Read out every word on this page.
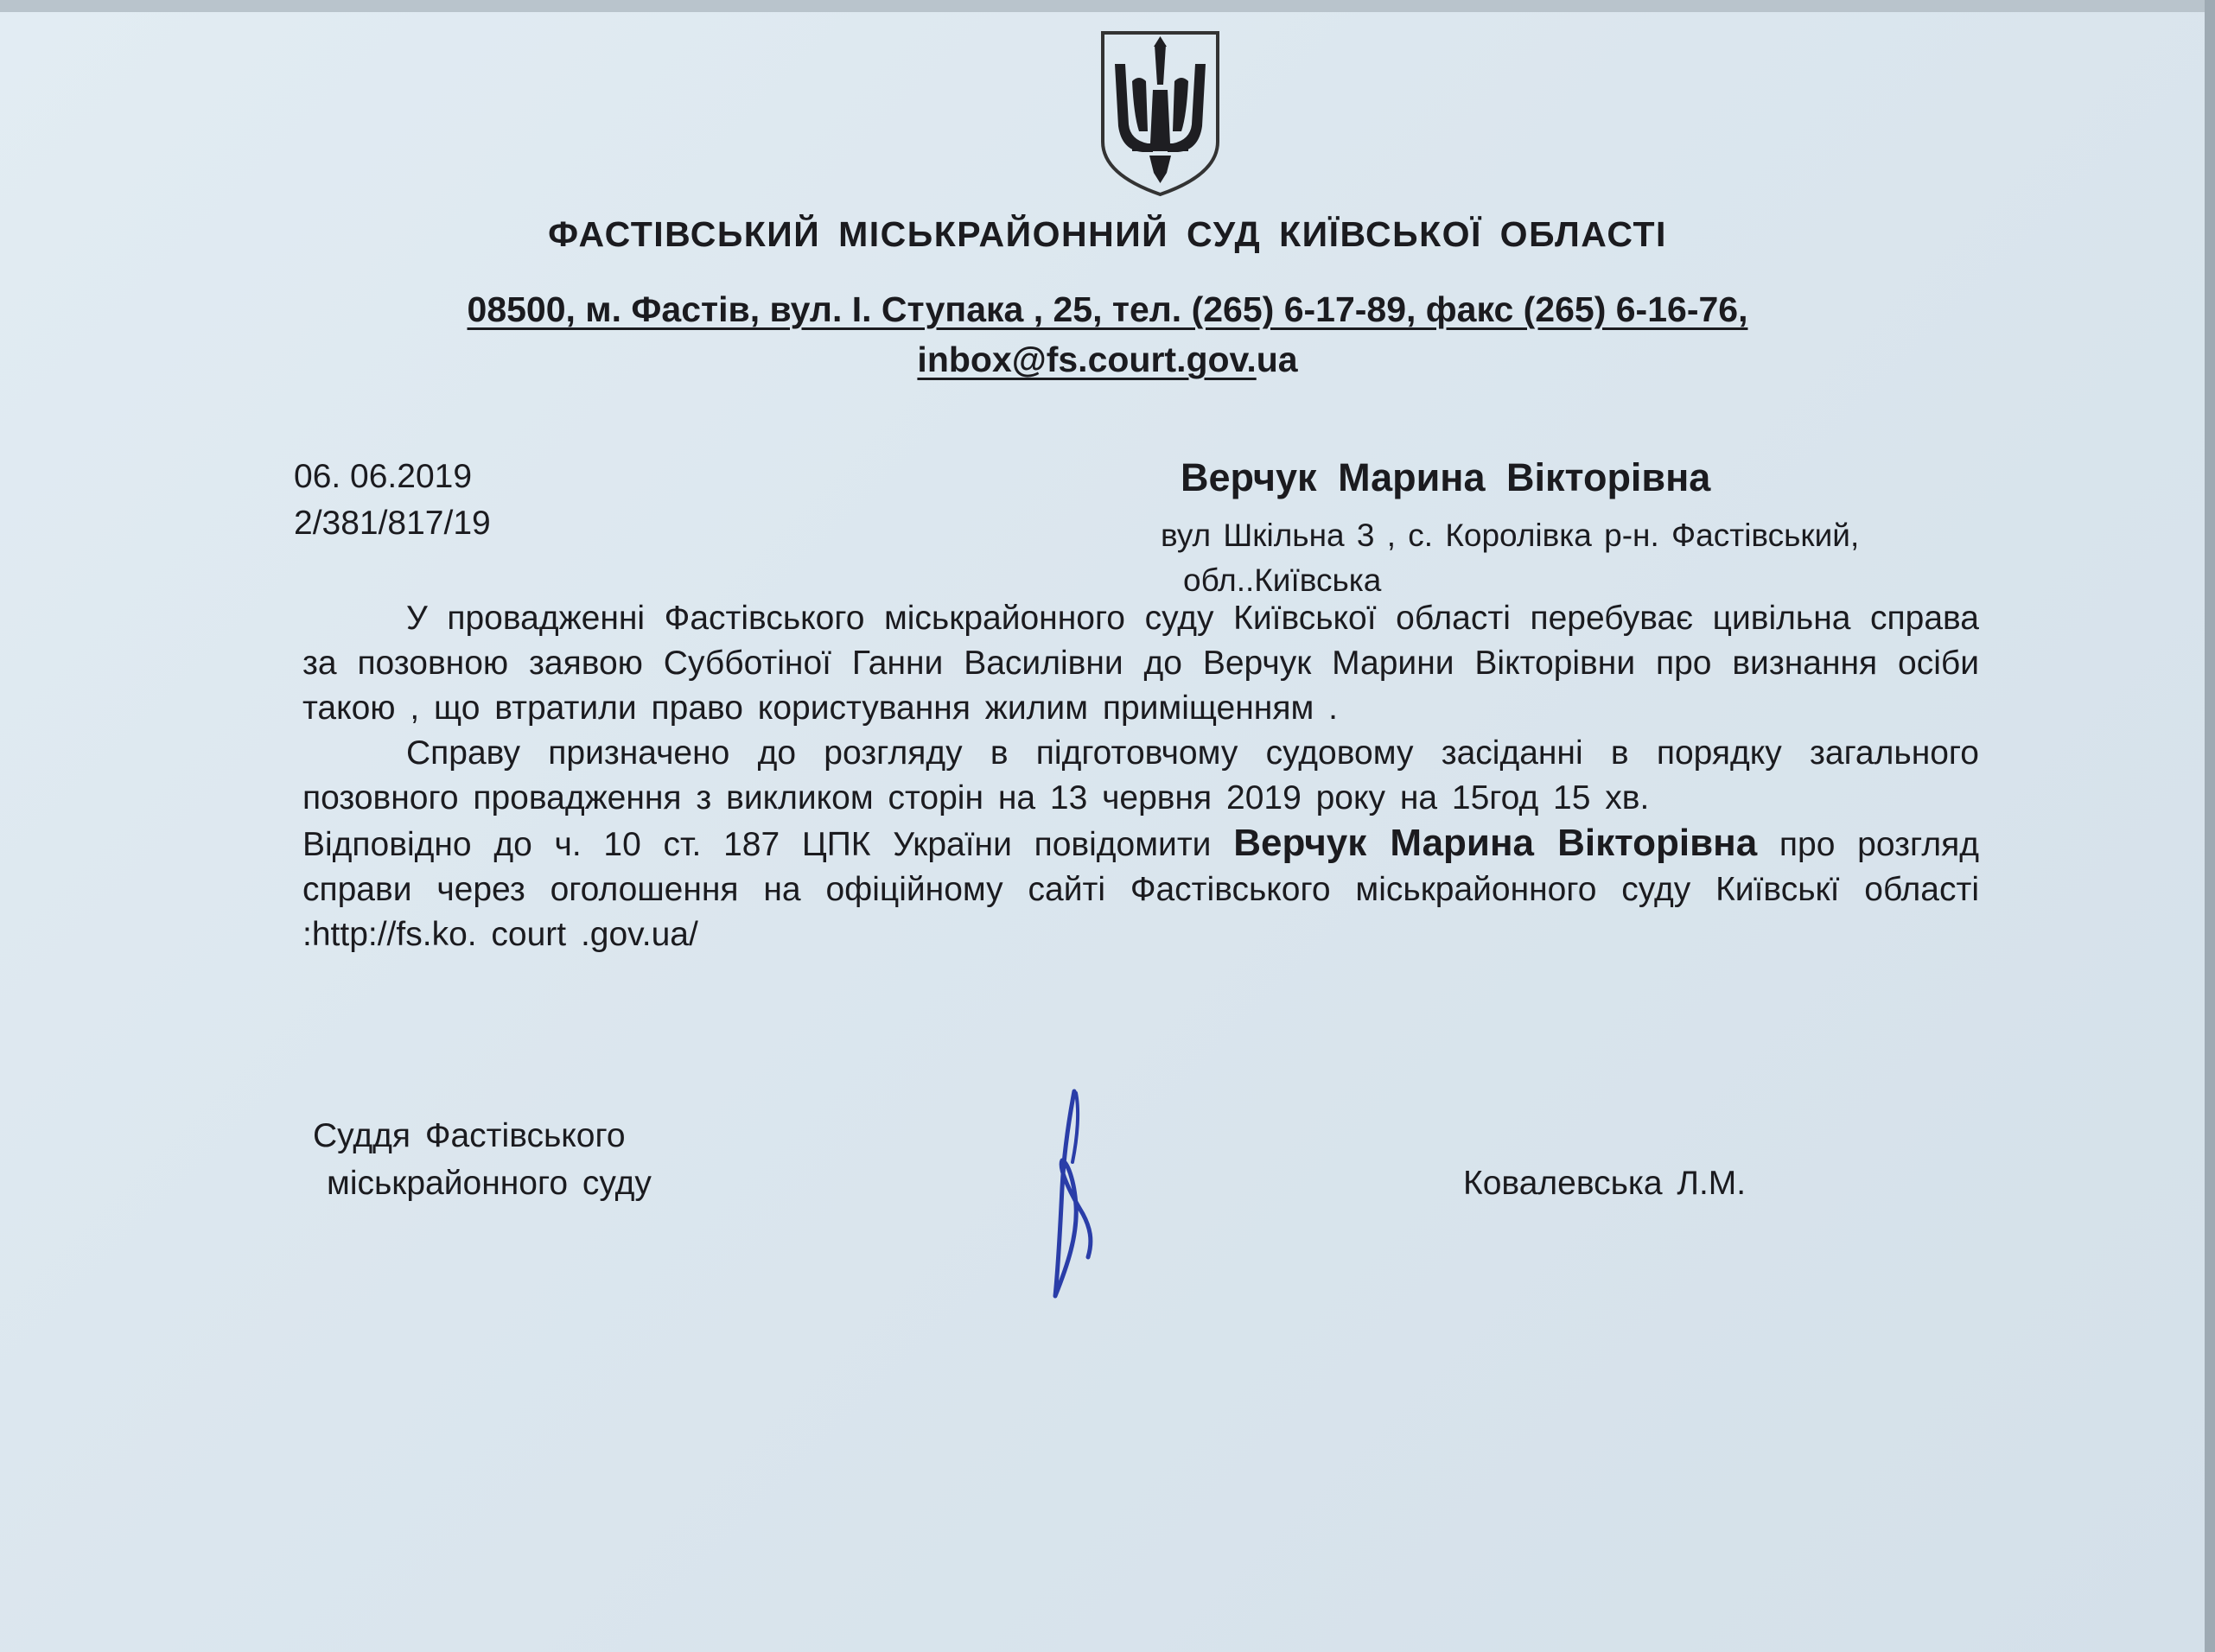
ФАСТІВСЬКИЙ МІСЬКРАЙОННИЙ СУД КИЇВСЬКОЇ ОБЛАСТІ
08500, м. Фастів, вул. І. Ступака , 25, тел. (265) 6-17-89, факс (265) 6-16-76,
inbox@fs.court.gov.ua
06. 06.2019
2/381/817/19
Верчук Марина Вікторівна
вул Шкільна 3 , с. Королівка р-н. Фастівський,
обл..Київська

У провадженні Фастівського міськрайонного суду Київської області перебуває цивільна справа за позовною заявою Субботіної Ганни Василівни до Верчук Марини Вікторівни про визнання осіби такою , що втратили право користування жилим приміщенням .

Справу призначено до розгляду в підготовчому судовому засіданні в порядку загального позовного провадження з викликом сторін на 13 червня 2019 року на 15год 15 хв.

Відповідно до ч. 10 ст. 187 ЦПК України повідомити Верчук Марина Вікторівна про розгляд справи через оголошення на офіційному сайті Фастівського міськрайонного суду Київськї області :http://fs.ko. court .gov.ua/

Суддя Фастівського
міськрайонного суду	Ковалевська Л.М.
